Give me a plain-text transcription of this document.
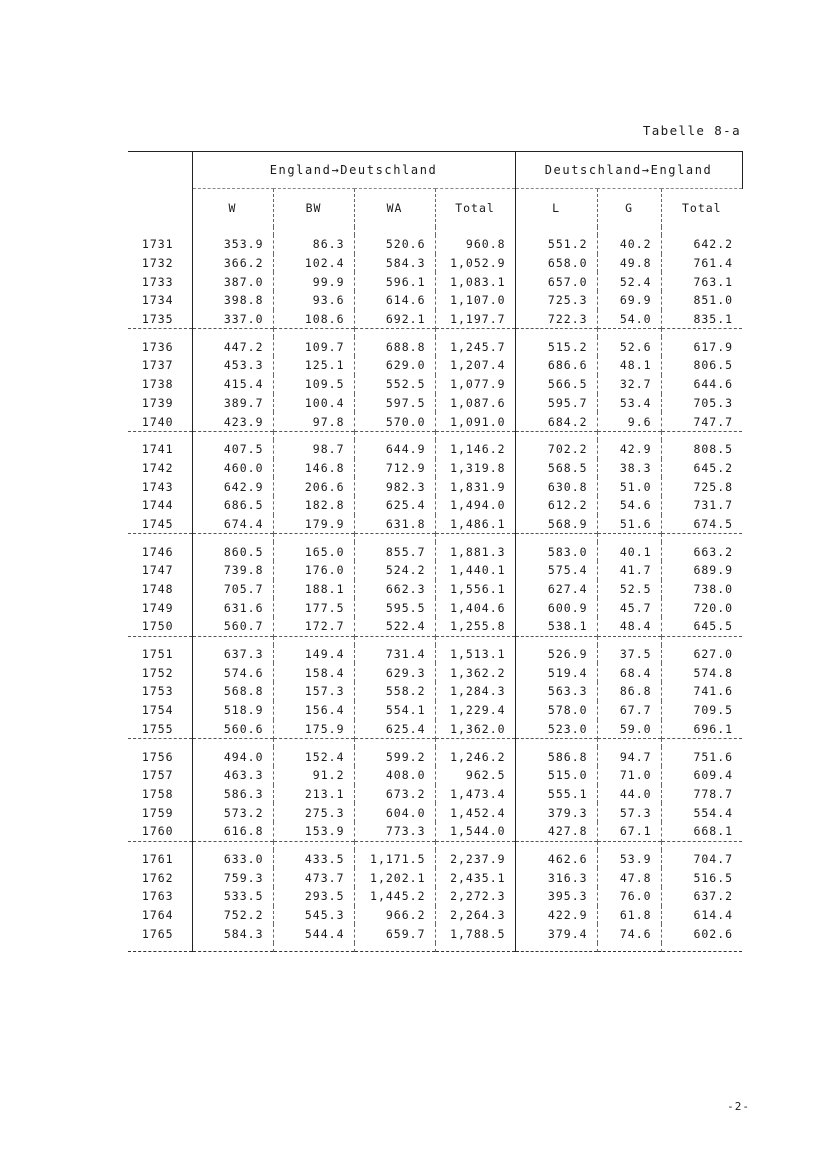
Tabelle 8-a
	England→Deutschland				Deutschland→England		
	W	BW	WA	Total	L	G	Total

1731	353.9	86.3	520.6	960.8	551.2	40.2	642.2
1732	366.2	102.4	584.3	1,052.9	658.0	49.8	761.4
1733	387.0	99.9	596.1	1,083.1	657.0	52.4	763.1
1734	398.8	93.6	614.6	1,107.0	725.3	69.9	851.0
1735	337.0	108.6	692.1	1,197.7	722.3	54.0	835.1

1736	447.2	109.7	688.8	1,245.7	515.2	52.6	617.9
1737	453.3	125.1	629.0	1,207.4	686.6	48.1	806.5
1738	415.4	109.5	552.5	1,077.9	566.5	32.7	644.6
1739	389.7	100.4	597.5	1,087.6	595.7	53.4	705.3
1740	423.9	97.8	570.0	1,091.0	684.2	9.6	747.7

1741	407.5	98.7	644.9	1,146.2	702.2	42.9	808.5
1742	460.0	146.8	712.9	1,319.8	568.5	38.3	645.2
1743	642.9	206.6	982.3	1,831.9	630.8	51.0	725.8
1744	686.5	182.8	625.4	1,494.0	612.2	54.6	731.7
1745	674.4	179.9	631.8	1,486.1	568.9	51.6	674.5

1746	860.5	165.0	855.7	1,881.3	583.0	40.1	663.2
1747	739.8	176.0	524.2	1,440.1	575.4	41.7	689.9
1748	705.7	188.1	662.3	1,556.1	627.4	52.5	738.0
1749	631.6	177.5	595.5	1,404.6	600.9	45.7	720.0
1750	560.7	172.7	522.4	1,255.8	538.1	48.4	645.5

1751	637.3	149.4	731.4	1,513.1	526.9	37.5	627.0
1752	574.6	158.4	629.3	1,362.2	519.4	68.4	574.8
1753	568.8	157.3	558.2	1,284.3	563.3	86.8	741.6
1754	518.9	156.4	554.1	1,229.4	578.0	67.7	709.5
1755	560.6	175.9	625.4	1,362.0	523.0	59.0	696.1

1756	494.0	152.4	599.2	1,246.2	586.8	94.7	751.6
1757	463.3	91.2	408.0	962.5	515.0	71.0	609.4
1758	586.3	213.1	673.2	1,473.4	555.1	44.0	778.7
1759	573.2	275.3	604.0	1,452.4	379.3	57.3	554.4
1760	616.8	153.9	773.3	1,544.0	427.8	67.1	668.1

1761	633.0	433.5	1,171.5	2,237.9	462.6	53.9	704.7
1762	759.3	473.7	1,202.1	2,435.1	316.3	47.8	516.5
1763	533.5	293.5	1,445.2	2,272.3	395.3	76.0	637.2
1764	752.2	545.3	966.2	2,264.3	422.9	61.8	614.4
1765	584.3	544.4	659.7	1,788.5	379.4	74.6	602.6

-2-
